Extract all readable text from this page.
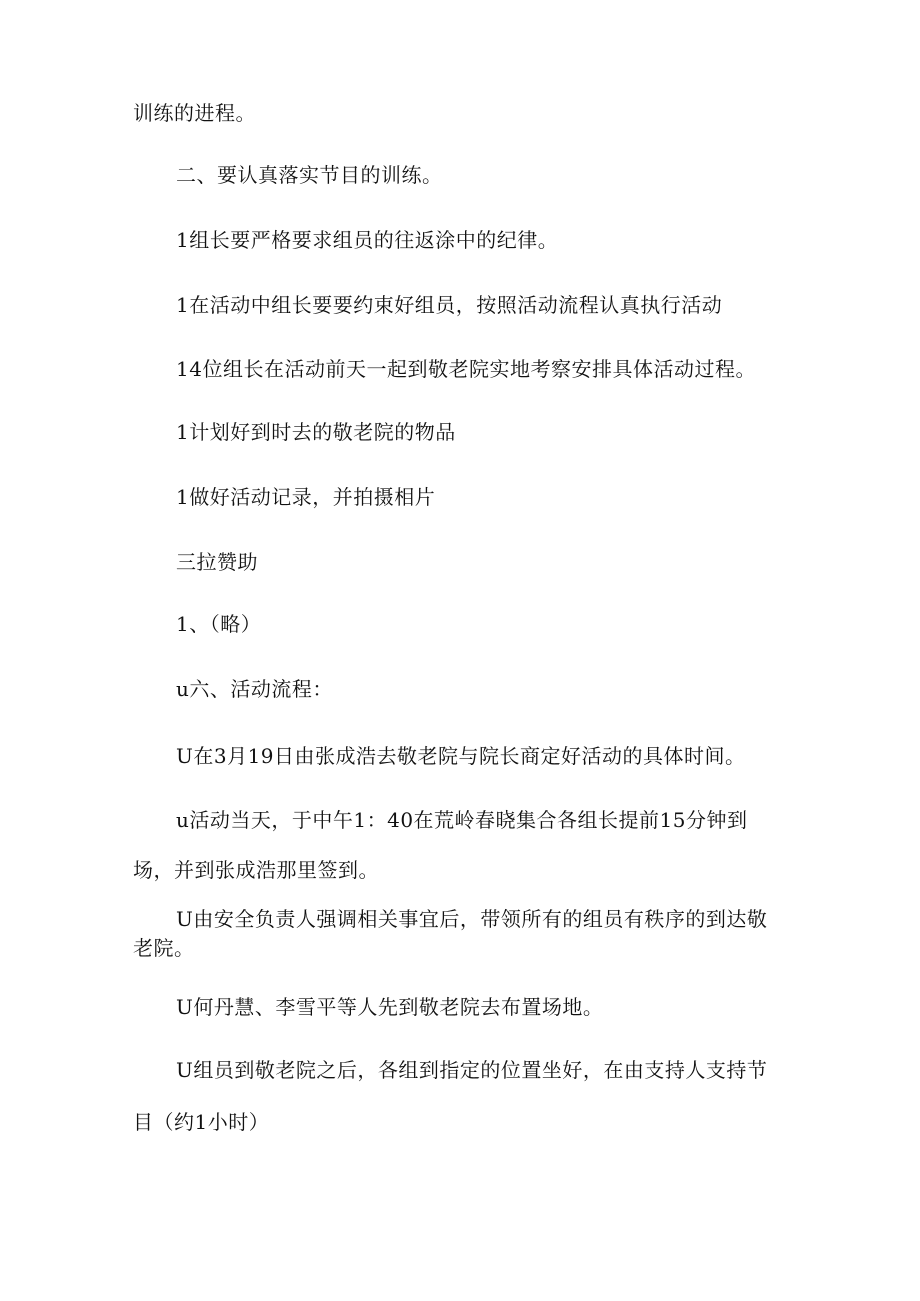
训练的进程。
二、要认真落实节目的训练。
1组长要严格要求组员的往返涂中的纪律。
1在活动中组长要要约束好组员，按照活动流程认真执行活动
14位组长在活动前天一起到敬老院实地考察安排具体活动过程。
1计划好到时去的敬老院的物品
1做好活动记录，并拍摄相片
三拉赞助
1、（略）
u六、活动流程：
U在3月19日由张成浩去敬老院与院长商定好活动的具体时间。
u活动当天，于中午1：40在荒岭春晓集合各组长提前15分钟到
场，并到张成浩那里签到。
U由安全负责人强调相关事宜后，带领所有的组员有秩序的到达敬
老院。
U何丹慧、李雪平等人先到敬老院去布置场地。
U组员到敬老院之后，各组到指定的位置坐好，在由支持人支持节
目（约1小时）
